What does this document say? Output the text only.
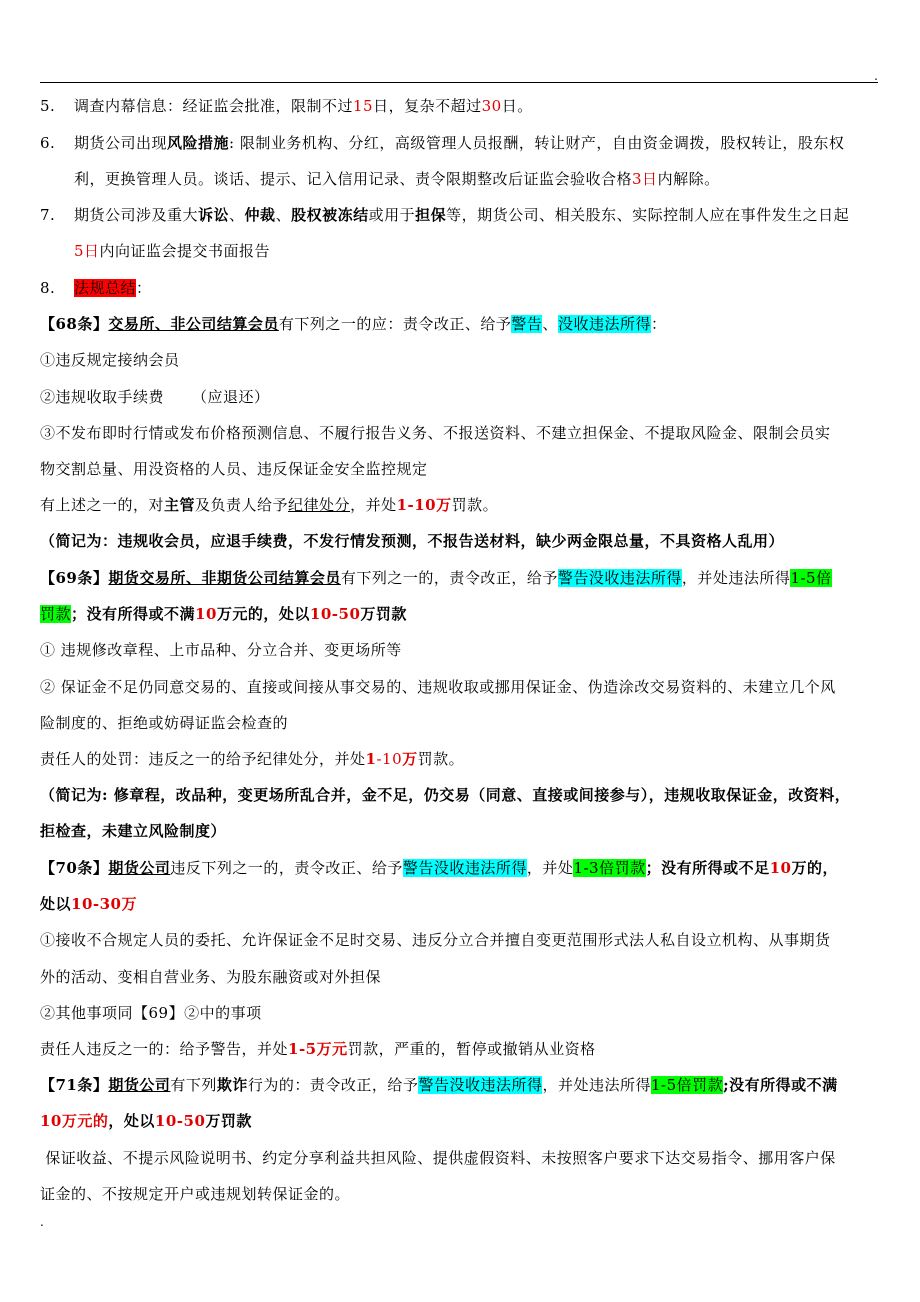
.
5. 调查内幕信息：经证监会批准，限制不过15日，复杂不超过30日。
6. 期货公司出现风险措施: 限制业务机构、分红，高级管理人员报酬，转让财产，自由资金调拨，股权转让，股东权
利，更换管理人员。谈话、提示、记入信用记录、责令限期整改后证监会验收合格3日内解除。
7. 期货公司涉及重大诉讼、仲裁、股权被冻结或用于担保等，期货公司、相关股东、实际控制人应在事件发生之日起
5日内向证监会提交书面报告
8. 法规总结：
【68条】交易所、非公司结算会员有下列之一的应：责令改正、给予警告、没收违法所得：
①违反规定接纳会员
②违规收取手续费 （应退还）
③不发布即时行情或发布价格预测信息、不履行报告义务、不报送资料、不建立担保金、不提取风险金、限制会员实
物交割总量、用没资格的人员、违反保证金安全监控规定
有上述之一的，对主管及负责人给予纪律处分，并处1-10万罚款。
（简记为：违规收会员，应退手续费，不发行情发预测，不报告送材料，缺少两金限总量，不具资格人乱用）
【69条】期货交易所、非期货公司结算会员有下列之一的，责令改正，给予警告没收违法所得，并处违法所得1-5倍
罚款；没有所得或不满10万元的，处以10-50万罚款
① 违规修改章程、上市品种、分立合并、变更场所等
② 保证金不足仍同意交易的、直接或间接从事交易的、违规收取或挪用保证金、伪造涂改交易资料的、未建立几个风
险制度的、拒绝或妨碍证监会检查的
责任人的处罚：违反之一的给予纪律处分，并处1-10万罚款。
（简记为: 修章程，改品种，变更场所乱合并，金不足，仍交易（同意、直接或间接参与），违规收取保证金，改资料，
拒检查，未建立风险制度）
【70条】期货公司违反下列之一的，责令改正、给予警告没收违法所得，并处1-3倍罚款；没有所得或不足10万的，
处以10-30万
①接收不合规定人员的委托、允许保证金不足时交易、违反分立合并擅自变更范围形式法人私自设立机构、从事期货
外的活动、变相自营业务、为股东融资或对外担保
②其他事项同【69】②中的事项
责任人违反之一的：给予警告，并处1-5万元罚款，严重的，暂停或撤销从业资格
【71条】期货公司有下列欺诈行为的：责令改正，给予警告没收违法所得，并处违法所得1-5倍罚款;没有所得或不满
10万元的，处以10-50万罚款
保证收益、不提示风险说明书、约定分享利益共担风险、提供虚假资料、未按照客户要求下达交易指令、挪用客户保
证金的、不按规定开户或违规划转保证金的。
.
